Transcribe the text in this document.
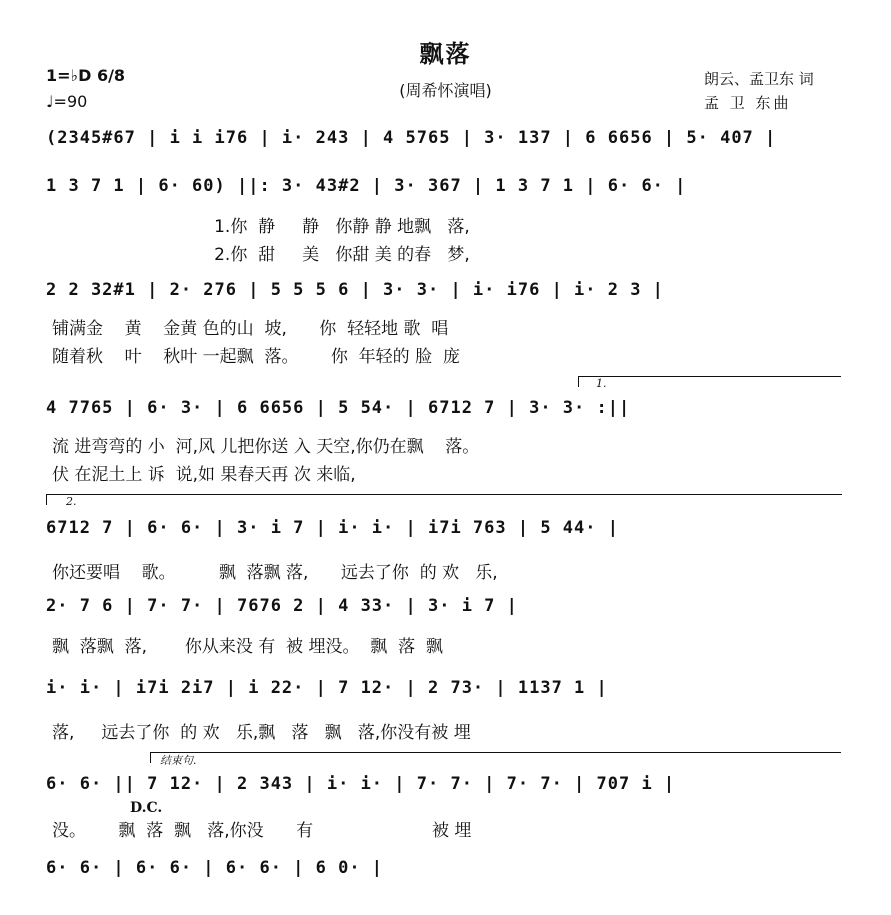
飘落
(周希怀演唱)
1=♭D 6/8
♩=90
朗云、孟卫东 词
孟 卫 东曲
(2345#67 | i i i76 | i· 243 | 4 5765 | 3· 137 | 6 6656 | 5· 407 |
1 3 7 1 | 6· 60) ||: 3· 43#2 | 3· 367 | 1 3 7 1 | 6· 6· |
1.你  静     静   你静 静 地飘   落,
2.你  甜     美   你甜 美 的春   梦,
2 2 32#1 | 2· 276 | 5 5 5 6 | 3· 3· | i· i76 | i· 2 3 |
铺满金    黄    金黄 色的山  坡,      你  轻轻地 歌  唱
随着秋    叶    秋叶 一起飘  落。      你  年轻的 脸  庞
1.
4 7765 | 6· 3· | 6 6656 | 5 54· | 6712 7 | 3· 3· :||
流 进弯弯的 小  河,风 儿把你送 入 天空,你仍在飘    落。
伏 在泥土上 诉  说,如 果春天再 次 来临,
2.
6712 7 | 6· 6· | 3· i 7 | i· i· | i7i 763 | 5 44· |
你还要唱    歌。        飘  落飘 落,      远去了你  的 欢   乐,
2· 7 6 | 7· 7· | 7676 2 | 4 33· | 3· i 7 |
飘  落飘  落,       你从来没 有  被 埋没。  飘  落  飘
i· i· | i7i 2i7 | i 22· | 7 12· | 2 73· | 1137 1 |
落,     远去了你  的 欢   乐,飘   落   飘   落,你没有被 埋
结束句.
6· 6· || 7 12· | 2 343 | i· i· | 7· 7· | 7· 7· | 707 i |
没。      飘  落  飘   落,你没      有                      被 埋
D.C.
6· 6· | 6· 6· | 6· 6· | 6 0· |
